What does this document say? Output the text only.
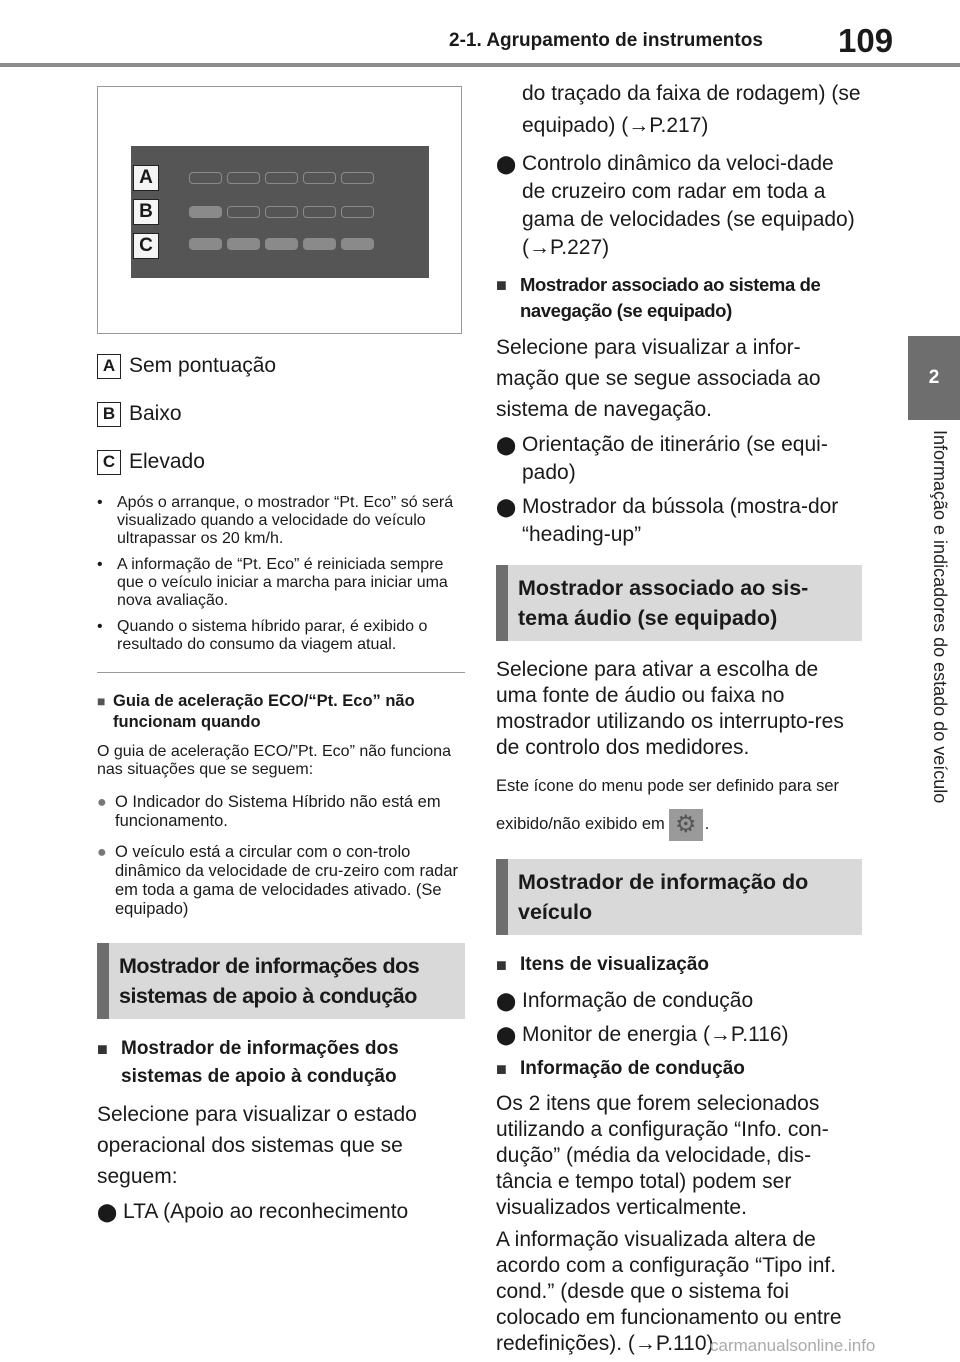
2-1. Agrupamento de instrumentos 109
2
Informação e indicadores do estado do veículo
A
B
C
A Sem pontuação
B Baixo
C Elevado
• Após o arranque, o mostrador “Pt. Eco” só será visualizado quando a velocidade do veículo ultrapassar os 20 km/h.
• A informação de “Pt. Eco” é reiniciada sempre que o veículo iniciar a marcha para iniciar uma nova avaliação.
• Quando o sistema híbrido parar, é exibido o resultado do consumo da viagem atual.
■ Guia de aceleração ECO/“Pt. Eco” não funcionam quando
O guia de aceleração ECO/”Pt. Eco” não funciona nas situações que se seguem:
● O Indicador do Sistema Híbrido não está em funcionamento.
● O veículo está a circular com o con-trolo dinâmico da velocidade de cru-zeiro com radar em toda a gama de velocidades ativado. (Se equipado)
Mostrador de informações dos sistemas de apoio à condução
■ Mostrador de informações dos sistemas de apoio à condução
Selecione para visualizar o estado operacional dos sistemas que se seguem:
⬤ LTA (Apoio ao reconhecimento
do traçado da faixa de rodagem) (se equipado) (→P.217)
⬤ Controlo dinâmico da veloci-dade de cruzeiro com radar em toda a gama de velocidades (se equipado) (→P.227)
■ Mostrador associado ao sistema de navegação (se equipado)
Selecione para visualizar a infor-mação que se segue associada ao sistema de navegação.
⬤ Orientação de itinerário (se equi-pado)
⬤ Mostrador da bússola (mostra-dor “heading-up”
Mostrador associado ao sis-tema áudio (se equipado)
Selecione para ativar a escolha de uma fonte de áudio ou faixa no mostrador utilizando os interrupto-res de controlo dos medidores.
Este ícone do menu pode ser definido para ser exibido/não exibido em⚙ .
Mostrador de informação do veículo
■ Itens de visualização
⬤ Informação de condução
⬤ Monitor de energia (→P.116)
■ Informação de condução
Os 2 itens que forem selecionados utilizando a configuração “Info. con-dução” (média da velocidade, dis-tância e tempo total) podem ser visualizados verticalmente.
A informação visualizada altera de acordo com a configuração “Tipo inf. cond.” (desde que o sistema foi colocado em funcionamento ou entre redefinições). (→P.110)
carmanualsonline.info
